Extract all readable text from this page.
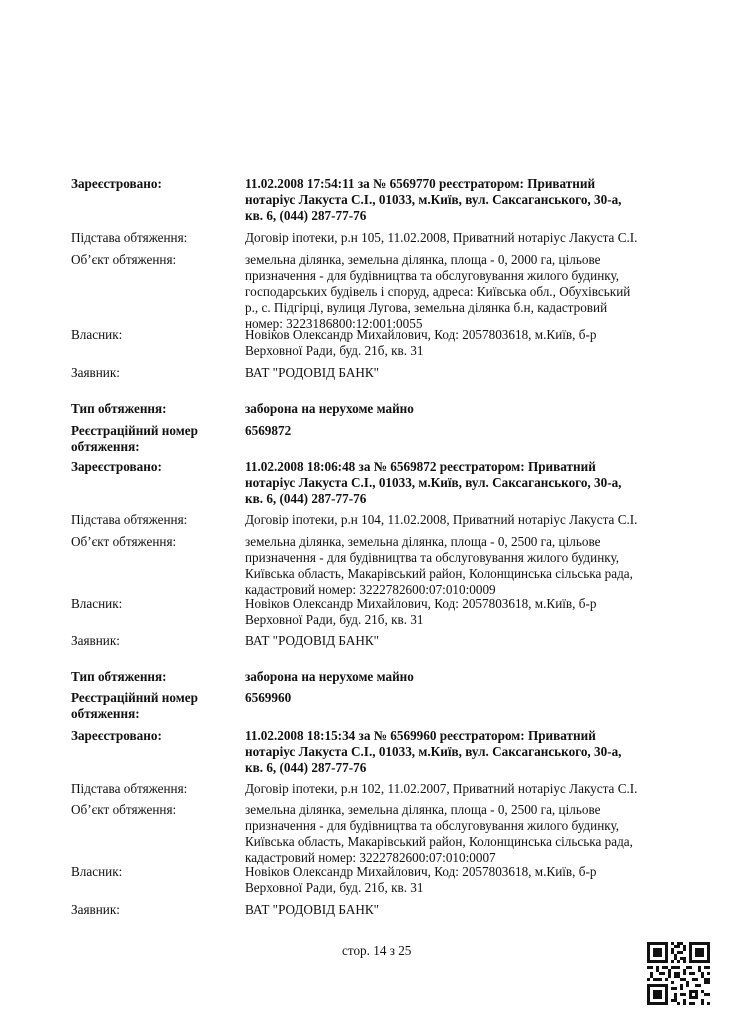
Зареєстровано:	11.02.2008 17:54:11 за № 6569770 реєстратором: Приватний
нотаріус Лакуста С.І., 01033, м.Київ, вул. Саксаганського, 30-а,
кв. 6, (044) 287-77-76
Підстава обтяження:	Договір іпотеки, р.н 105, 11.02.2008, Приватний нотаріус Лакуста С.І.
Об’єкт обтяження:	земельна ділянка, земельна ділянка, площа - 0, 2000 га, цільове
призначення - для будівництва та обслуговування жилого будинку,
господарських будівель і споруд, адреса: Київська обл., Обухівський
р., с. Підгірці, вулиця Лугова, земельна ділянка б.н, кадастровий
номер: 3223186800:12:001:0055
Власник:	Новіков Олександр Михайлович, Код: 2057803618, м.Київ, б-р
Верховної Ради, буд. 21б, кв. 31
Заявник:	ВАТ "РОДОВІД БАНК"
Тип обтяження:	заборона на нерухоме майно
Реєстраційний номер
обтяження:
6569872
Зареєстровано:	11.02.2008 18:06:48 за № 6569872 реєстратором: Приватний
нотаріус Лакуста С.І., 01033, м.Київ, вул. Саксаганського, 30-а,
кв. 6, (044) 287-77-76
Підстава обтяження:	Договір іпотеки, р.н 104, 11.02.2008, Приватний нотаріус Лакуста С.І.
Об’єкт обтяження:	земельна ділянка, земельна ділянка, площа - 0, 2500 га, цільове
призначення - для будівництва та обслуговування жилого будинку,
Київська область, Макарівський район, Колонщинська сільська рада,
кадастровий номер: 3222782600:07:010:0009
Власник:	Новіков Олександр Михайлович, Код: 2057803618, м.Київ, б-р
Верховної Ради, буд. 21б, кв. 31
Заявник:	ВАТ "РОДОВІД БАНК"
Тип обтяження:	заборона на нерухоме майно
Реєстраційний номер
обтяження:
6569960
Зареєстровано:	11.02.2008 18:15:34 за № 6569960 реєстратором: Приватний
нотаріус Лакуста С.І., 01033, м.Київ, вул. Саксаганського, 30-а,
кв. 6, (044) 287-77-76
Підстава обтяження:	Договір іпотеки, р.н 102, 11.02.2007, Приватний нотаріус Лакуста С.І.
Об’єкт обтяження:	земельна ділянка, земельна ділянка, площа - 0, 2500 га, цільове
призначення - для будівництва та обслуговування жилого будинку,
Київська область, Макарівський район, Колонщинська сільська рада,
кадастровий номер: 3222782600:07:010:0007
Власник:	Новіков Олександр Михайлович, Код: 2057803618, м.Київ, б-р
Верховної Ради, буд. 21б, кв. 31
Заявник:	ВАТ "РОДОВІД БАНК"
стор. 14 з 25
